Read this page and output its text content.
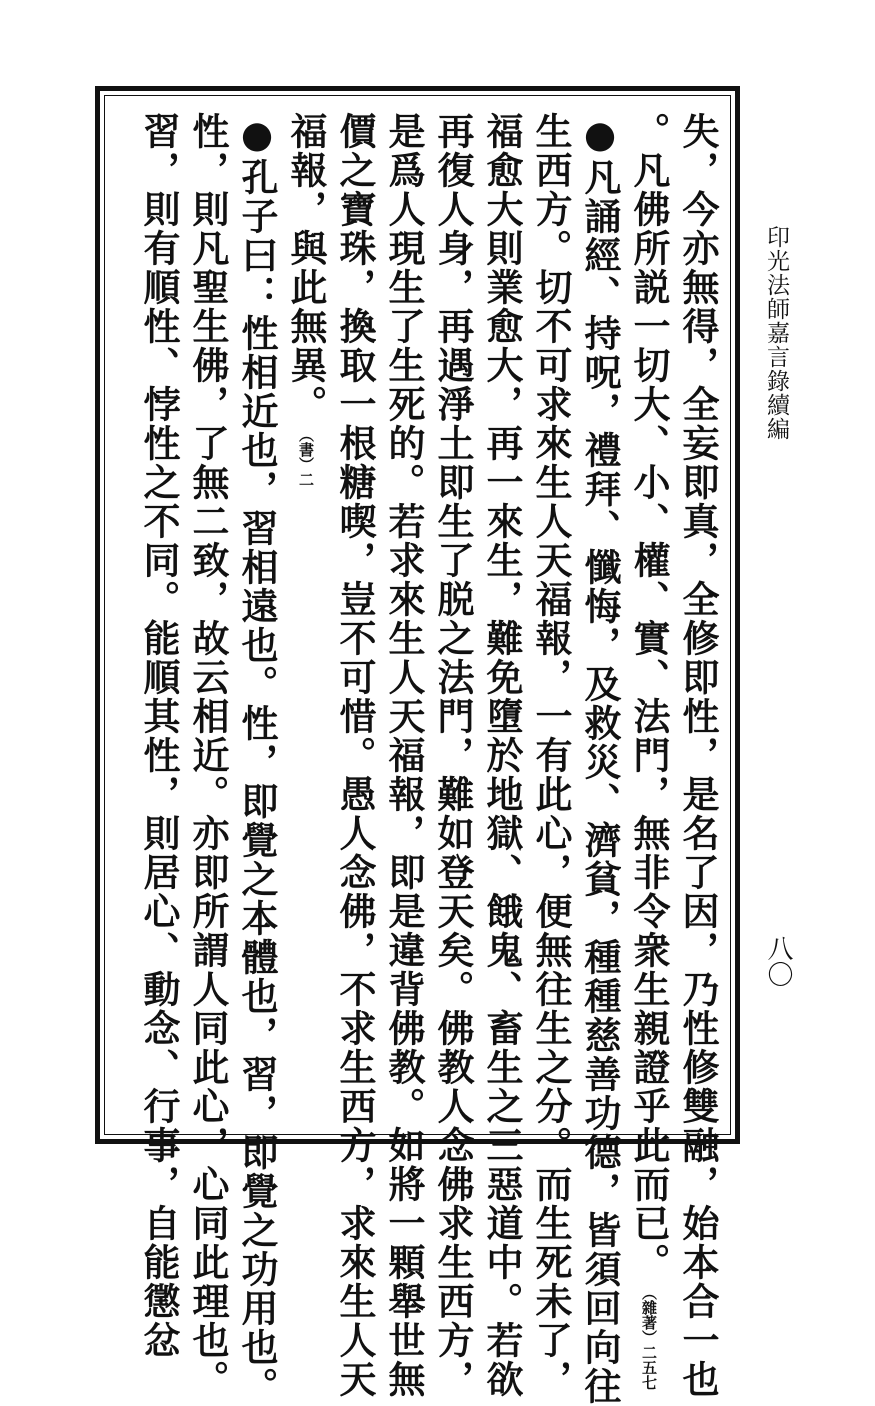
印光法師嘉言錄續編
八〇
失，今亦無得，全妄即真，全修即性，是名了因，乃性修雙融，始本合一也
。凡佛所説一切大、小、權、實、法門，無非令衆生親證乎此而已。（雜著）二五七
●凡誦經、持呪，禮拜、懺悔，及救災、濟貧，種種慈善功德，皆須回向往
生西方。切不可求來生人天福報，一有此心，便無往生之分。而生死未了，
福愈大則業愈大，再一來生，難免墮於地獄、餓鬼、畜生之三惡道中。若欲
再復人身，再遇淨土即生了脱之法門，難如登天矣。佛教人念佛求生西方，
是爲人現生了生死的。若求來生人天福報，即是違背佛教。如將一顆舉世無
價之寶珠，換取一根糖喫，豈不可惜。愚人念佛，不求生西方，求來生人天
福報，與此無異。（書）二
●孔子曰：性相近也，習相遠也。性，即覺之本體也，習，即覺之功用也。
性，則凡聖生佛，了無二致，故云相近。亦即所謂人同此心，心同此理也。
習，則有順性、悖性之不同。能順其性，則居心、動念、行事，自能懲忿
